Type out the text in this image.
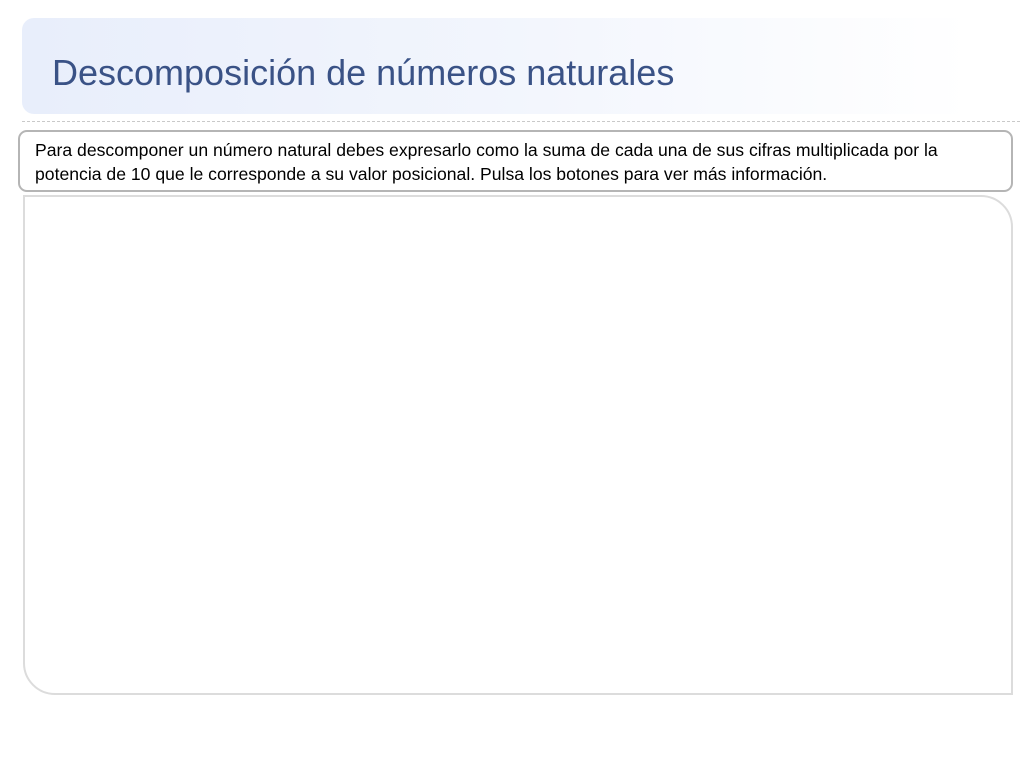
Descomposición de números naturales
Para descomponer un número natural debes expresarlo como la suma de cada una de sus cifras multiplicada por la potencia de 10 que le corresponde a su valor posicional. Pulsa los botones para ver más información.
